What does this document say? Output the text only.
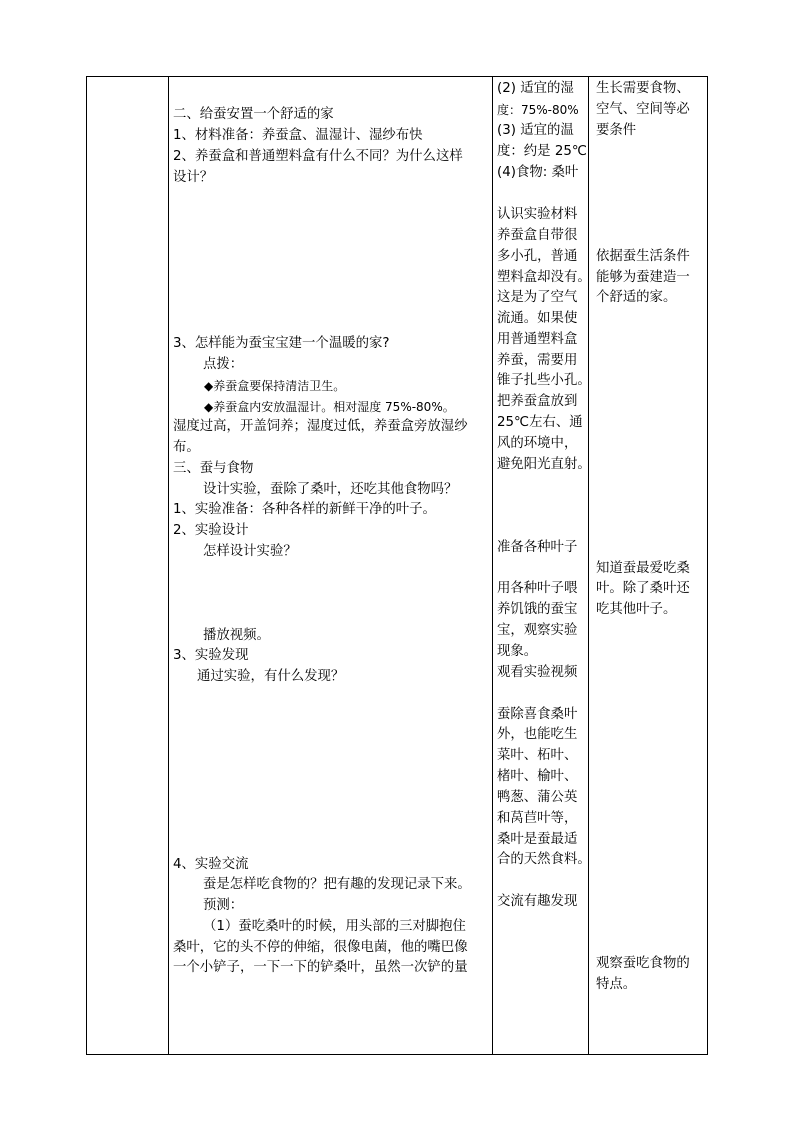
二、给蚕安置一个舒适的家
1、材料准备：养蚕盒、温湿计、湿纱布快
2、养蚕盒和普通塑料盒有什么不同？为什么这样
设计？
3、怎样能为蚕宝宝建一个温暖的家?
点拨：
◆养蚕盒要保持清洁卫生。
◆养蚕盒内安放温湿计。相对湿度 75%-80%。
湿度过高，开盖饲养；湿度过低，养蚕盒旁放湿纱
布。
三、蚕与食物
设计实验，蚕除了桑叶，还吃其他食物吗？
1、实验准备：各种各样的新鲜干净的叶子。
2、实验设计
怎样设计实验？
播放视频。
3、实验发现
通过实验，有什么发现？
4、实验交流
蚕是怎样吃食物的？把有趣的发现记录下来。
预测：
（1）蚕吃桑叶的时候，用头部的三对脚抱住
桑叶，它的头不停的伸缩，很像电菌，他的嘴巴像
一个小铲子，一下一下的铲桑叶，虽然一次铲的量
(2) 适宜的湿
度：75%-80%
(3) 适宜的温
度：约是 25℃
(4)食物: 桑叶
认识实验材料
养蚕盒自带很
多小孔，普通
塑料盒却没有。
这是为了空气
流通。如果使
用普通塑料盒
养蚕，需要用
锥子扎些小孔。
把养蚕盒放到
25℃左右、通
风的环境中，
避免阳光直射。
准备各种叶子
用各种叶子喂
养饥饿的蚕宝
宝，观察实验
现象。
观看实验视频
蚕除喜食桑叶
外，也能吃生
菜叶、柘叶、
楮叶、榆叶、
鸭葱、蒲公英
和莴苣叶等，
桑叶是蚕最适
合的天然食料。
交流有趣发现
生长需要食物、
空气、空间等必
要条件
依据蚕生活条件
能够为蚕建造一
个舒适的家。
知道蚕最爱吃桑
叶。除了桑叶还
吃其他叶子。
观察蚕吃食物的
特点。
